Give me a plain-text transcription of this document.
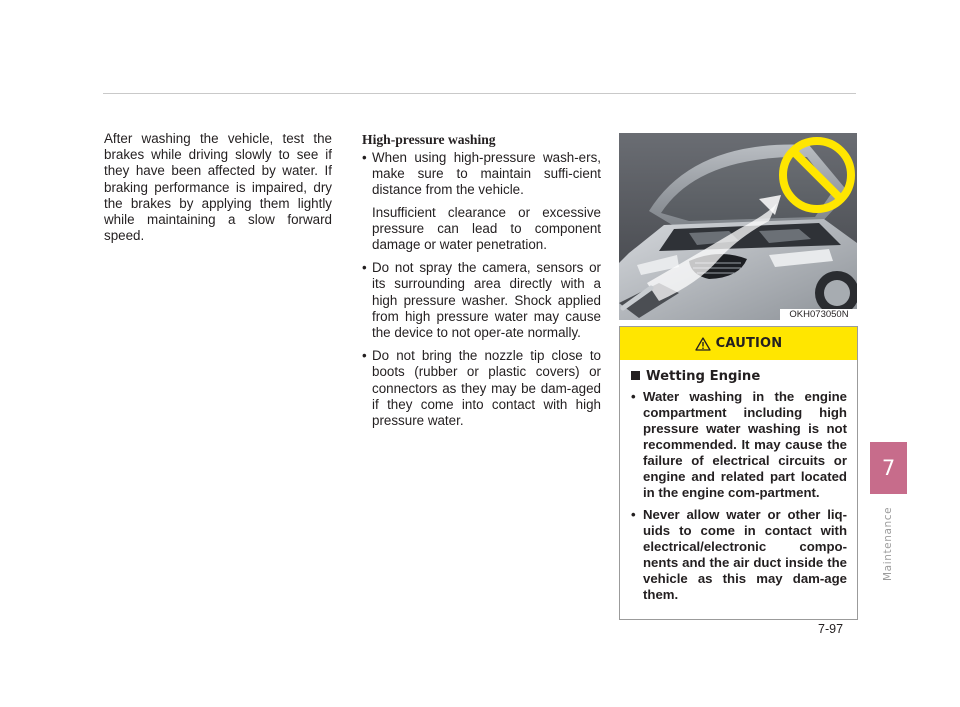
After washing the vehicle, test the brakes while driving slowly to see if they have been affected by water. If braking performance is impaired, dry the brakes by applying them lightly while maintaining a slow forward speed.

High-pressure washing
• When using high-pressure wash-ers, make sure to maintain suffi-cient distance from the vehicle.

Insufficient clearance or excessive pressure can lead to component damage or water penetration.

• Do not spray the camera, sensors or its surrounding area directly with a high pressure washer. Shock applied from high pressure water may cause the device to not oper-ate normally.

• Do not bring the nozzle tip close to boots (rubber or plastic covers) or connectors as they may be dam-aged if they come into contact with high pressure water.

OKH073050N
CAUTION

Wetting Engine

• Water washing in the engine compartment including high pressure water washing is not recommended. It may cause the failure of electrical circuits or engine and related part located in the engine com-partment.
• Never allow water or other liq-uids to come in contact with electrical/electronic compo-nents and the air duct inside the vehicle as this may dam-age them.
7
Maintenance
7-97
